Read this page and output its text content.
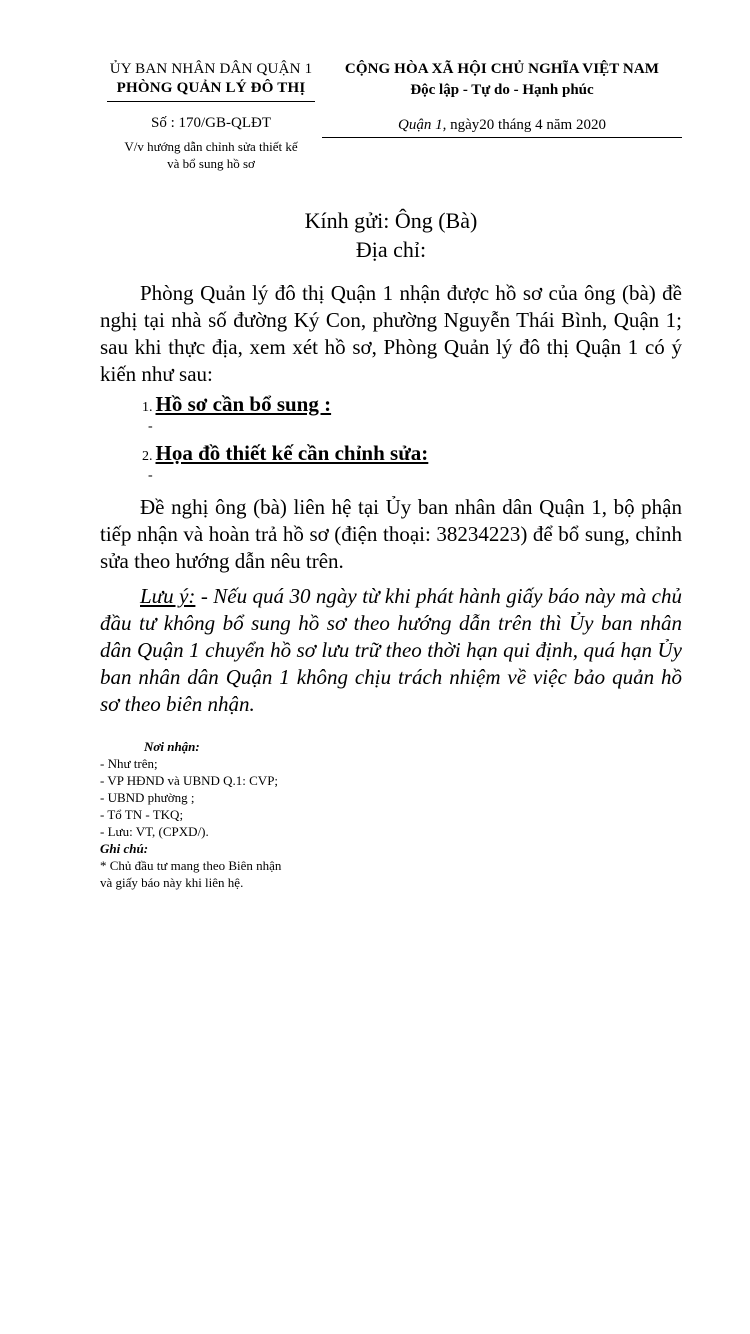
ỦY BAN NHÂN DÂN QUẬN 1
PHÒNG QUẢN LÝ ĐÔ THỊ
Số : 170/GB-QLĐT
V/v hướng dẫn chỉnh sửa thiết kế
và bổ sung hồ sơ
CỘNG HÒA XÃ HỘI CHỦ NGHĨA VIỆT NAM
Độc lập - Tự do - Hạnh phúc
Quận 1, ngày20 tháng 4 năm 2020
Kính gửi: Ông (Bà)
Địa chỉ:
Phòng Quản lý đô thị Quận 1 nhận được hồ sơ của ông (bà) đề nghị tại nhà số đường Ký Con, phường Nguyễn Thái Bình, Quận 1; sau khi thực địa, xem xét hồ sơ, Phòng Quản lý đô thị Quận 1 có ý kiến như sau:
1. Hồ sơ cần bổ sung :
-
2. Họa đồ thiết kế cần chỉnh sửa:
-
Đề nghị ông (bà) liên hệ tại Ủy ban nhân dân Quận 1, bộ phận tiếp nhận và hoàn trả hồ sơ (điện thoại: 38234223) để bổ sung, chỉnh sửa theo hướng dẫn nêu trên.
Lưu ý: - Nếu quá 30 ngày từ khi phát hành giấy báo này mà chủ đầu tư không bổ sung hồ sơ theo hướng dẫn trên thì Ủy ban nhân dân Quận 1 chuyển hồ sơ lưu trữ theo thời hạn qui định, quá hạn Ủy ban nhân dân Quận 1 không chịu trách nhiệm về việc bảo quản hồ sơ theo biên nhận.
Nơi nhận:
- Như trên;
- VP HĐND và UBND Q.1: CVP;
- UBND phường ;
- Tổ TN - TKQ;
- Lưu: VT, (CPXD/).
Ghi chú:
* Chủ đầu tư mang theo Biên nhận
và giấy báo này khi liên hệ.
